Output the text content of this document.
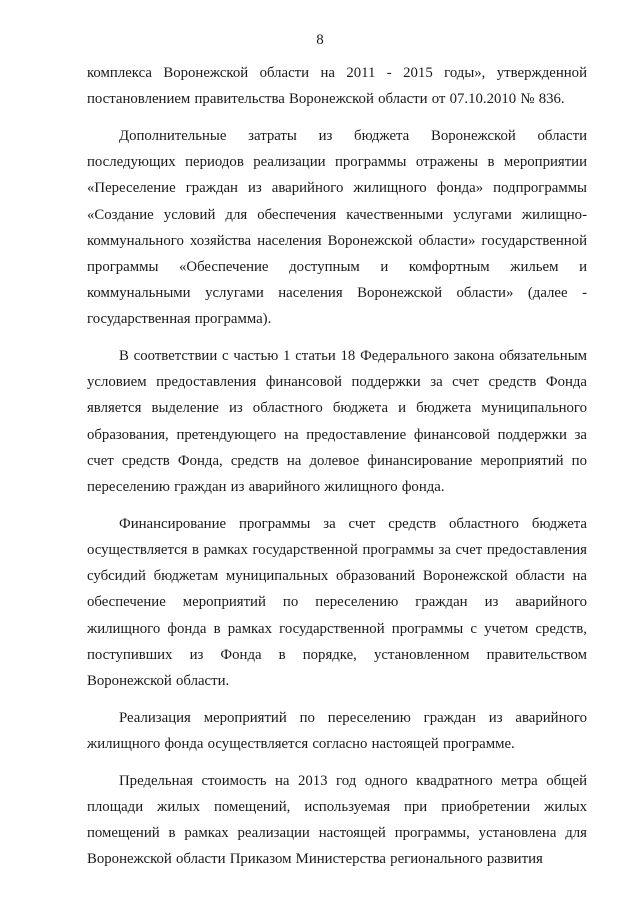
8

комплекса Воронежской области на 2011 - 2015 годы», утвержденной постановлением правительства Воронежской области от 07.10.2010 № 836.

Дополнительные затраты из бюджета Воронежской области последующих периодов реализации программы отражены в мероприятии «Переселение граждан из аварийного жилищного фонда» подпрограммы «Создание условий для обеспечения качественными услугами жилищно-коммунального хозяйства населения Воронежской области» государственной программы «Обеспечение доступным и комфортным жильем и коммунальными услугами населения Воронежской области» (далее - государственная программа).

В соответствии с частью 1 статьи 18 Федерального закона обязательным условием предоставления финансовой поддержки за счет средств Фонда является выделение из областного бюджета и бюджета муниципального образования, претендующего на предоставление финансовой поддержки за счет средств Фонда, средств на долевое финансирование мероприятий по переселению граждан из аварийного жилищного фонда.

Финансирование программы за счет средств областного бюджета осуществляется в рамках государственной программы за счет предоставления субсидий бюджетам муниципальных образований Воронежской области на обеспечение мероприятий по переселению граждан из аварийного жилищного фонда в рамках государственной программы с учетом средств, поступивших из Фонда в порядке, установленном правительством Воронежской области.

Реализация мероприятий по переселению граждан из аварийного жилищного фонда осуществляется согласно настоящей программе.

Предельная стоимость на 2013 год одного квадратного метра общей площади жилых помещений, используемая при приобретении жилых помещений в рамках реализации настоящей программы, установлена для Воронежской области Приказом Министерства регионального развития
